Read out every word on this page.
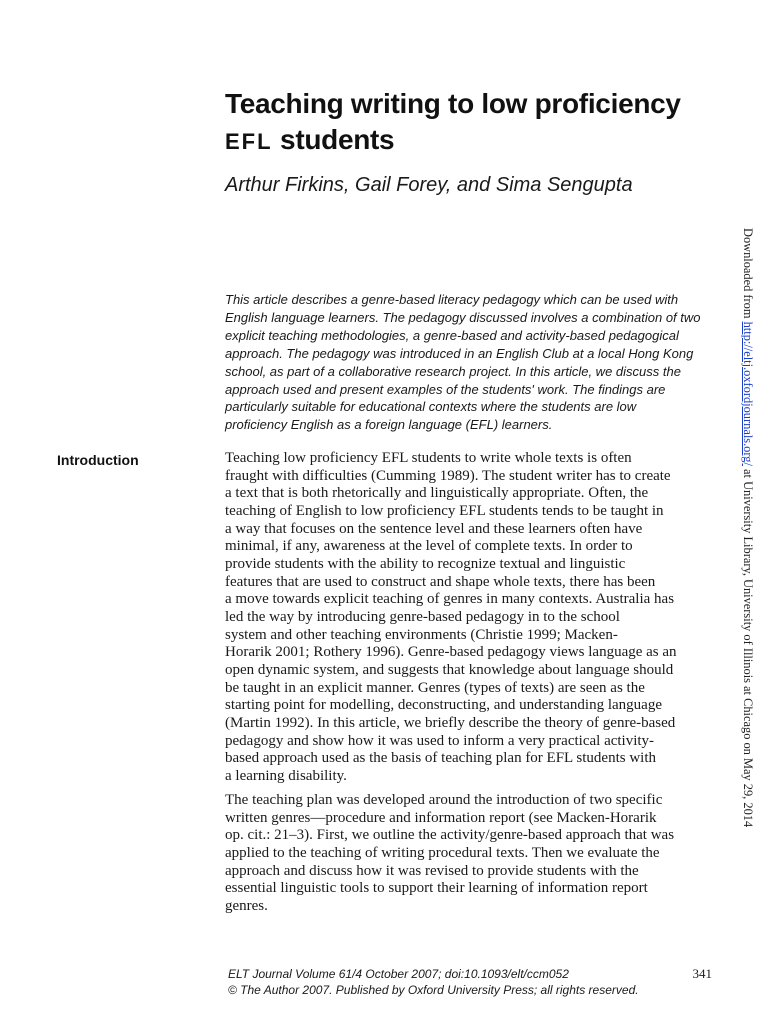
Teaching writing to low proficiency
EFL students
Arthur Firkins, Gail Forey, and Sima Sengupta

This article describes a genre-based literacy pedagogy which can be used with

English language learners. The pedagogy discussed involves a combination of two

explicit teaching methodologies, a genre-based and activity-based pedagogical

approach. The pedagogy was introduced in an English Club at a local Hong Kong

school, as part of a collaborative research project. In this article, we discuss the

approach used and present examples of the students' work. The findings are

particularly suitable for educational contexts where the students are low

proficiency English as a foreign language (EFL) learners.

Introduction	Teaching low proficiency EFL students to write whole texts is often

fraught with difficulties (Cumming 1989). The student writer has to create

a text that is both rhetorically and linguistically appropriate. Often, the

teaching of English to low proficiency EFL students tends to be taught in

a way that focuses on the sentence level and these learners often have

minimal, if any, awareness at the level of complete texts. In order to

provide students with the ability to recognize textual and linguistic

features that are used to construct and shape whole texts, there has been

a move towards explicit teaching of genres in many contexts. Australia has

led the way by introducing genre-based pedagogy in to the school

system and other teaching environments (Christie 1999; Macken-

Horarik 2001; Rothery 1996). Genre-based pedagogy views language as an

open dynamic system, and suggests that knowledge about language should

be taught in an explicit manner. Genres (types of texts) are seen as the

starting point for modelling, deconstructing, and understanding language

(Martin 1992). In this article, we briefly describe the theory of genre-based

pedagogy and show how it was used to inform a very practical activity-

based approach used as the basis of teaching plan for EFL students with

a learning disability.

The teaching plan was developed around the introduction of two specific

written genres—procedure and information report (see Macken-Horarik

op. cit.: 21–3). First, we outline the activity/genre-based approach that was

applied to the teaching of writing procedural texts. Then we evaluate the

approach and discuss how it was revised to provide students with the

essential linguistic tools to support their learning of information report

genres.

ELT Journal Volume 61/4 October 2007; doi:10.1093/elt/ccm052
© The Author 2007. Published by Oxford University Press; all rights reserved.
341
Downloaded from http://eltj.oxfordjournals.org/ at University Library, University of Illinois at Chicago on May 29, 2014
